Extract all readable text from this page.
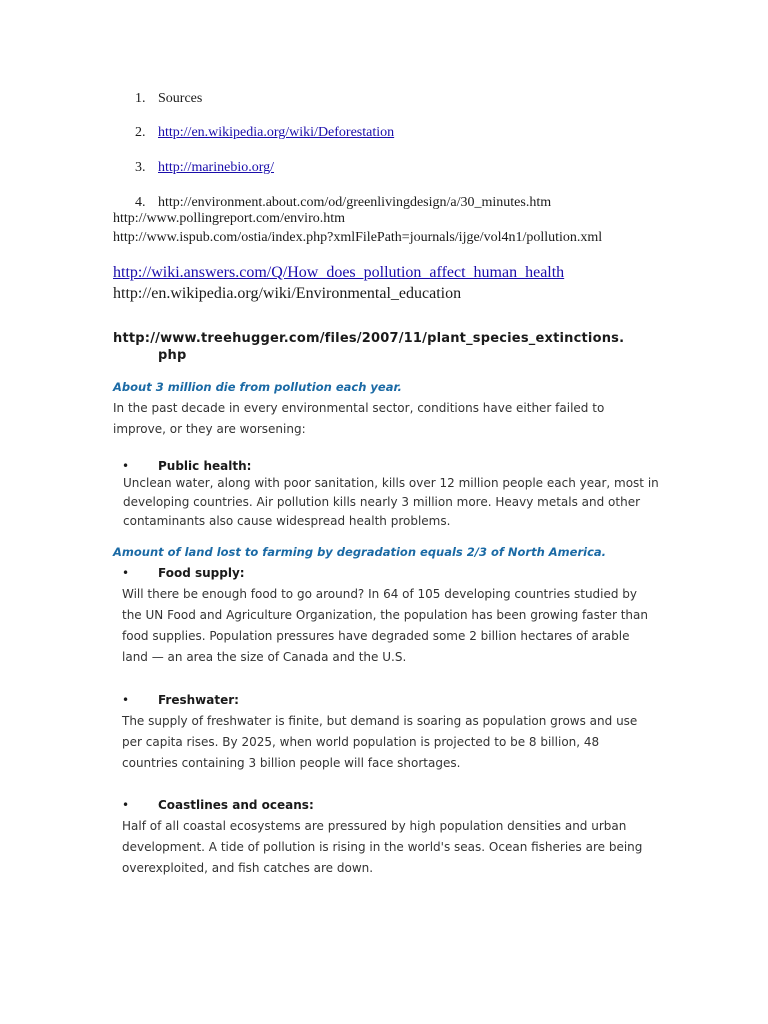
1. Sources
2. http://en.wikipedia.org/wiki/Deforestation
3. http://marinebio.org/
4. http://environment.about.com/od/greenlivingdesign/a/30_minutes.htm
http://www.pollingreport.com/enviro.htm
http://www.ispub.com/ostia/index.php?xmlFilePath=journals/ijge/vol4n1/pollution.xml
http://wiki.answers.com/Q/How_does_pollution_affect_human_health
http://en.wikipedia.org/wiki/Environmental_education
http://www.treehugger.com/files/2007/11/plant_species_extinctions.
php
About 3 million die from pollution each year.
In the past decade in every environmental sector, conditions have either failed to improve, or they are worsening:
• Public health:
Unclean water, along with poor sanitation, kills over 12 million people each year, most in developing countries. Air pollution kills nearly 3 million more. Heavy metals and other contaminants also cause widespread health problems.
Amount of land lost to farming by degradation equals 2/3 of North America.
• Food supply:
Will there be enough food to go around? In 64 of 105 developing countries studied by the UN Food and Agriculture Organization, the population has been growing faster than food supplies. Population pressures have degraded some 2 billion hectares of arable land — an area the size of Canada and the U.S.
• Freshwater:
The supply of freshwater is finite, but demand is soaring as population grows and use per capita rises. By 2025, when world population is projected to be 8 billion, 48 countries containing 3 billion people will face shortages.
• Coastlines and oceans:
Half of all coastal ecosystems are pressured by high population densities and urban development. A tide of pollution is rising in the world's seas. Ocean fisheries are being overexploited, and fish catches are down.
